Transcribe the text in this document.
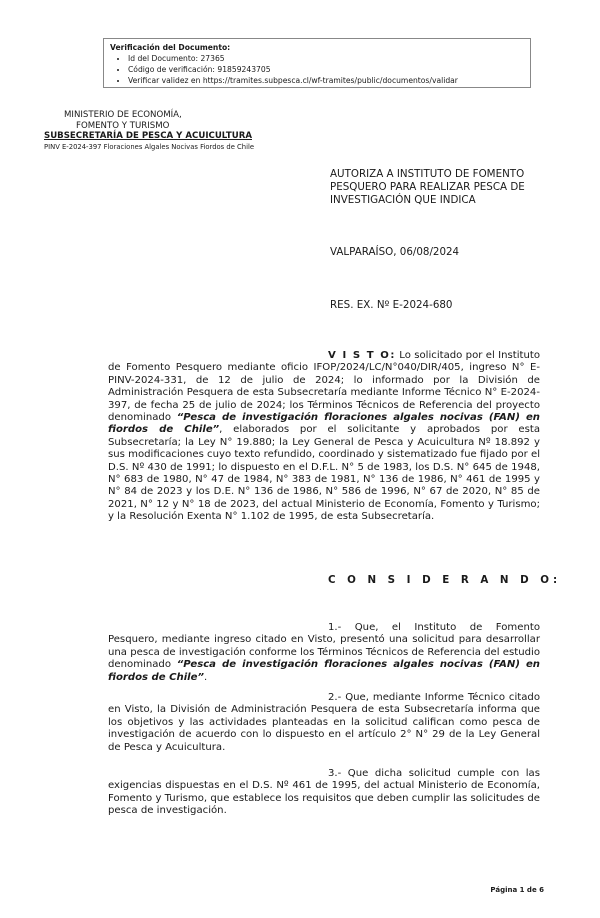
Verificación del Documento:
• Id del Documento: 27365
• Código de verificación: 91859243705
• Verificar validez en https://tramites.subpesca.cl/wf-tramites/public/documentos/validar
MINISTERIO DE ECONOMÍA,
FOMENTO Y TURISMO
SUBSECRETARÍA DE PESCA Y ACUICULTURA
PINV E-2024-397 Floraciones Algales Nocivas Fiordos de Chile
AUTORIZA A INSTITUTO DE FOMENTO PESQUERO PARA REALIZAR PESCA DE INVESTIGACIÓN QUE INDICA
VALPARAÍSO, 06/08/2024
RES. EX. Nº E-2024-680

V I S T O: Lo solicitado por el Instituto de Fomento Pesquero mediante oficio IFOP/2024/LC/N°040/DIR/405, ingreso N° E-PINV-2024-331, de 12 de julio de 2024; lo informado por la División de Administración Pesquera de esta Subsecretaría mediante Informe Técnico N° E-2024-397, de fecha 25 de julio de 2024; los Términos Técnicos de Referencia del proyecto denominado “Pesca de investigación floraciones algales nocivas (FAN) en fiordos de Chile”, elaborados por el solicitante y aprobados por esta Subsecretaría; la Ley N° 19.880; la Ley General de Pesca y Acuicultura Nº 18.892 y sus modificaciones cuyo texto refundido, coordinado y sistematizado fue fijado por el D.S. Nº 430 de 1991; lo dispuesto en el D.F.L. N° 5 de 1983, los D.S. N° 645 de 1948, N° 683 de 1980, N° 47 de 1984, N° 383 de 1981, N° 136 de 1986, N° 461 de 1995 y N° 84 de 2023 y los D.E. N° 136 de 1986, N° 586 de 1996, N° 67 de 2020, N° 85 de 2021, N° 12 y N° 18 de 2023, del actual Ministerio de Economía, Fomento y Turismo; y la Resolución Exenta N° 1.102 de 1995, de esta Subsecretaría.

C O N S I D E R A N D O:

1.- Que, el Instituto de Fomento Pesquero, mediante ingreso citado en Visto, presentó una solicitud para desarrollar una pesca de investigación conforme los Términos Técnicos de Referencia del estudio denominado “Pesca de investigación floraciones algales nocivas (FAN) en fiordos de Chile”.

2.- Que, mediante Informe Técnico citado en Visto, la División de Administración Pesquera de esta Subsecretaría informa que los objetivos y las actividades planteadas en la solicitud califican como pesca de investigación de acuerdo con lo dispuesto en el artículo 2° N° 29 de la Ley General de Pesca y Acuicultura.

3.- Que dicha solicitud cumple con las exigencias dispuestas en el D.S. Nº 461 de 1995, del actual Ministerio de Economía, Fomento y Turismo, que establece los requisitos que deben cumplir las solicitudes de pesca de investigación.

Página 1 de 6
